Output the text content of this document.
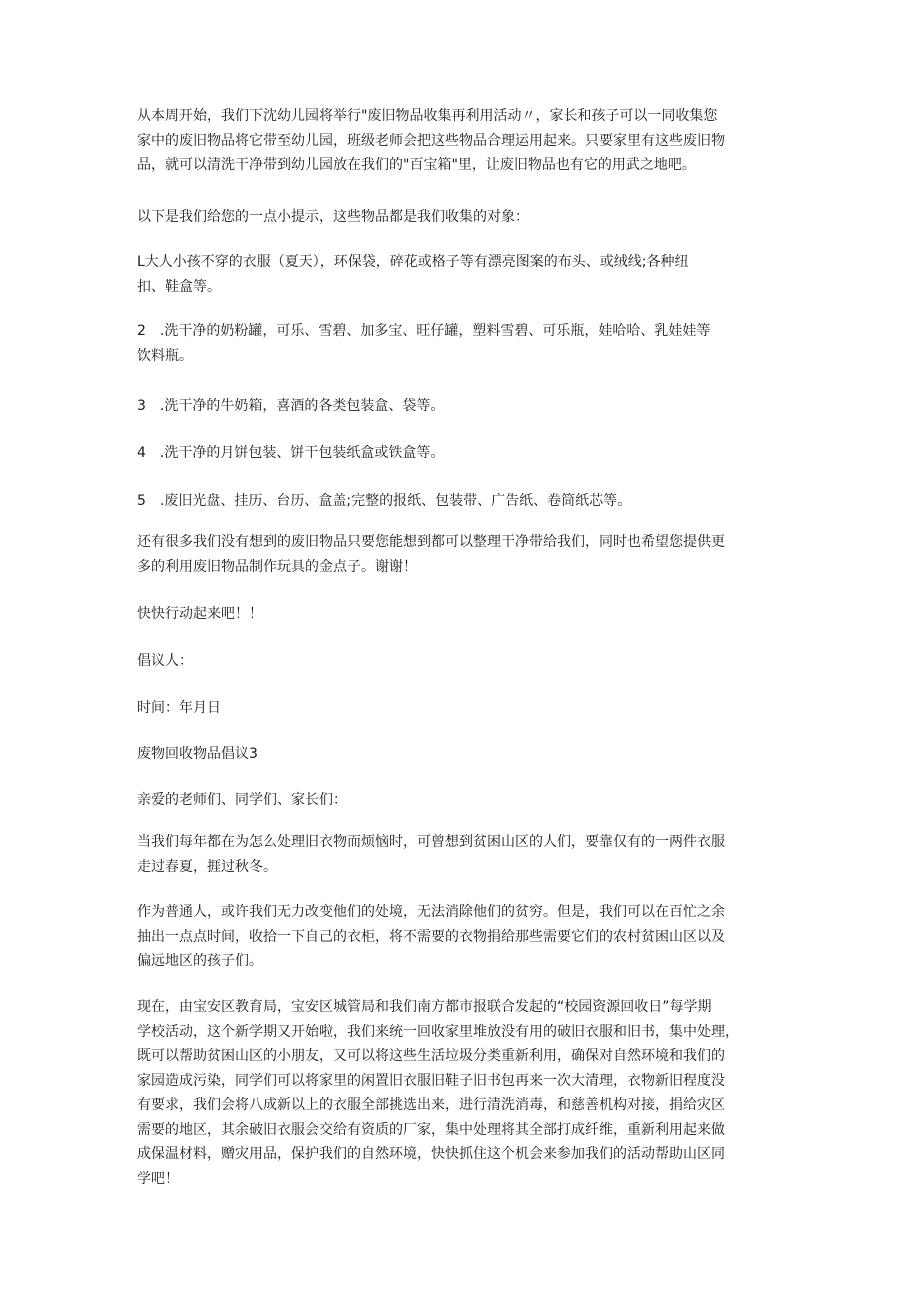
从本周开始，我们下沈幼儿园将举行"废旧物品收集再利用活动〃，家长和孩子可以一同收集您
家中的废旧物品将它带至幼儿园，班级老师会把这些物品合理运用起来。只要家里有这些废旧物
品，就可以清洗干净带到幼儿园放在我们的"百宝箱"里，让废旧物品也有它的用武之地吧。

以下是我们给您的一点小提示，这些物品都是我们收集的对象：

L大人小孩不穿的衣服（夏天），环保袋，碎花或格子等有漂亮图案的布头、或绒线;各种纽
扣、鞋盒等。

2　.洗干净的奶粉罐，可乐、雪碧、加多宝、旺仔罐，塑料雪碧、可乐瓶，娃哈哈、乳娃娃等
饮料瓶。

3　.洗干净的牛奶箱，喜酒的各类包装盒、袋等。

4　.洗干净的月饼包装、饼干包装纸盒或铁盒等。

5　.废旧光盘、挂历、台历、盒盖;完整的报纸、包装带、广告纸、卷筒纸芯等。

还有很多我们没有想到的废旧物品只要您能想到都可以整理干净带给我们，同时也希望您提供更
多的利用废旧物品制作玩具的金点子。谢谢！

快快行动起来吧！！

倡议人：

时间：年月日

废物回收物品倡议3

亲爱的老师们、同学们、家长们：

当我们每年都在为怎么处理旧衣物而烦恼时，可曾想到贫困山区的人们，要靠仅有的一两件衣服
走过春夏，捱过秋冬。

作为普通人，或许我们无力改变他们的处境，无法消除他们的贫穷。但是，我们可以在百忙之余
抽出一点点时间，收拾一下自己的衣柜，将不需要的衣物捐给那些需要它们的农村贫困山区以及
偏远地区的孩子们。

现在，由宝安区教育局，宝安区城管局和我们南方都市报联合发起的“校园资源回收日”每学期
学校活动，这个新学期又开始啦，我们来统一回收家里堆放没有用的破旧衣服和旧书，集中处理，
既可以帮助贫困山区的小朋友，又可以将这些生活垃圾分类重新利用，确保对自然环境和我们的
家园造成污染，同学们可以将家里的闲置旧衣服旧鞋子旧书包再来一次大清理，衣物新旧程度没
有要求，我们会将八成新以上的衣服全部挑选出来，进行清洗消毒，和慈善机构对接，捐给灾区
需要的地区，其余破旧衣服会交给有资质的厂家，集中处理将其全部打成纤维，重新利用起来做
成保温材料，赠灾用品，保护我们的自然环境，快快抓住这个机会来参加我们的活动帮助山区同
学吧！
